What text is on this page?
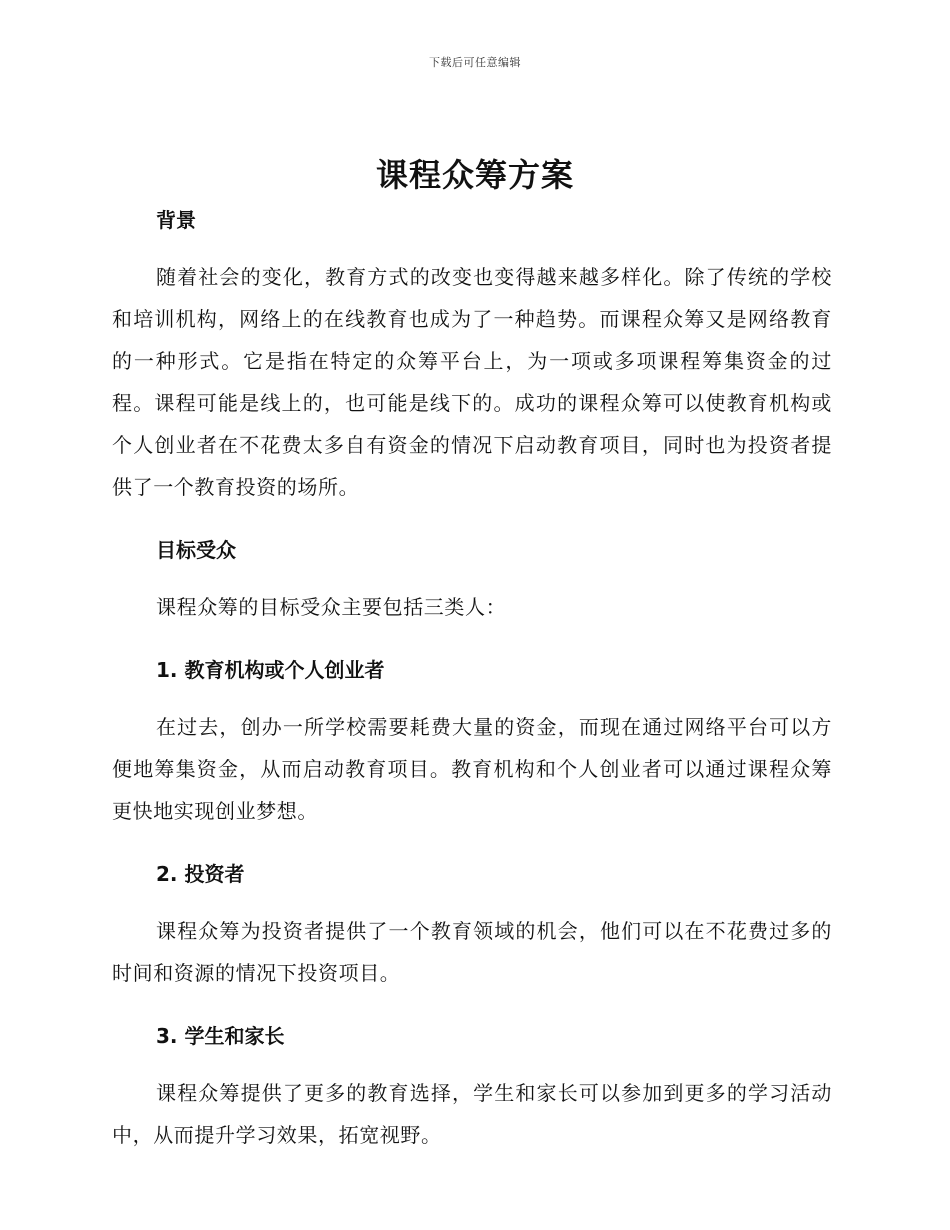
下载后可任意编辑
课程众筹方案
背景

随着社会的变化，教育方式的改变也变得越来越多样化。除了传统的学校和培训机构，网络上的在线教育也成为了一种趋势。而课程众筹又是网络教育的一种形式。它是指在特定的众筹平台上，为一项或多项课程筹集资金的过程。课程可能是线上的，也可能是线下的。成功的课程众筹可以使教育机构或个人创业者在不花费太多自有资金的情况下启动教育项目，同时也为投资者提供了一个教育投资的场所。

目标受众

课程众筹的目标受众主要包括三类人：

1. 教育机构或个人创业者

在过去，创办一所学校需要耗费大量的资金，而现在通过网络平台可以方便地筹集资金，从而启动教育项目。教育机构和个人创业者可以通过课程众筹更快地实现创业梦想。

2. 投资者

课程众筹为投资者提供了一个教育领域的机会，他们可以在不花费过多的时间和资源的情况下投资项目。

3. 学生和家长

课程众筹提供了更多的教育选择，学生和家长可以参加到更多的学习活动中，从而提升学习效果，拓宽视野。
